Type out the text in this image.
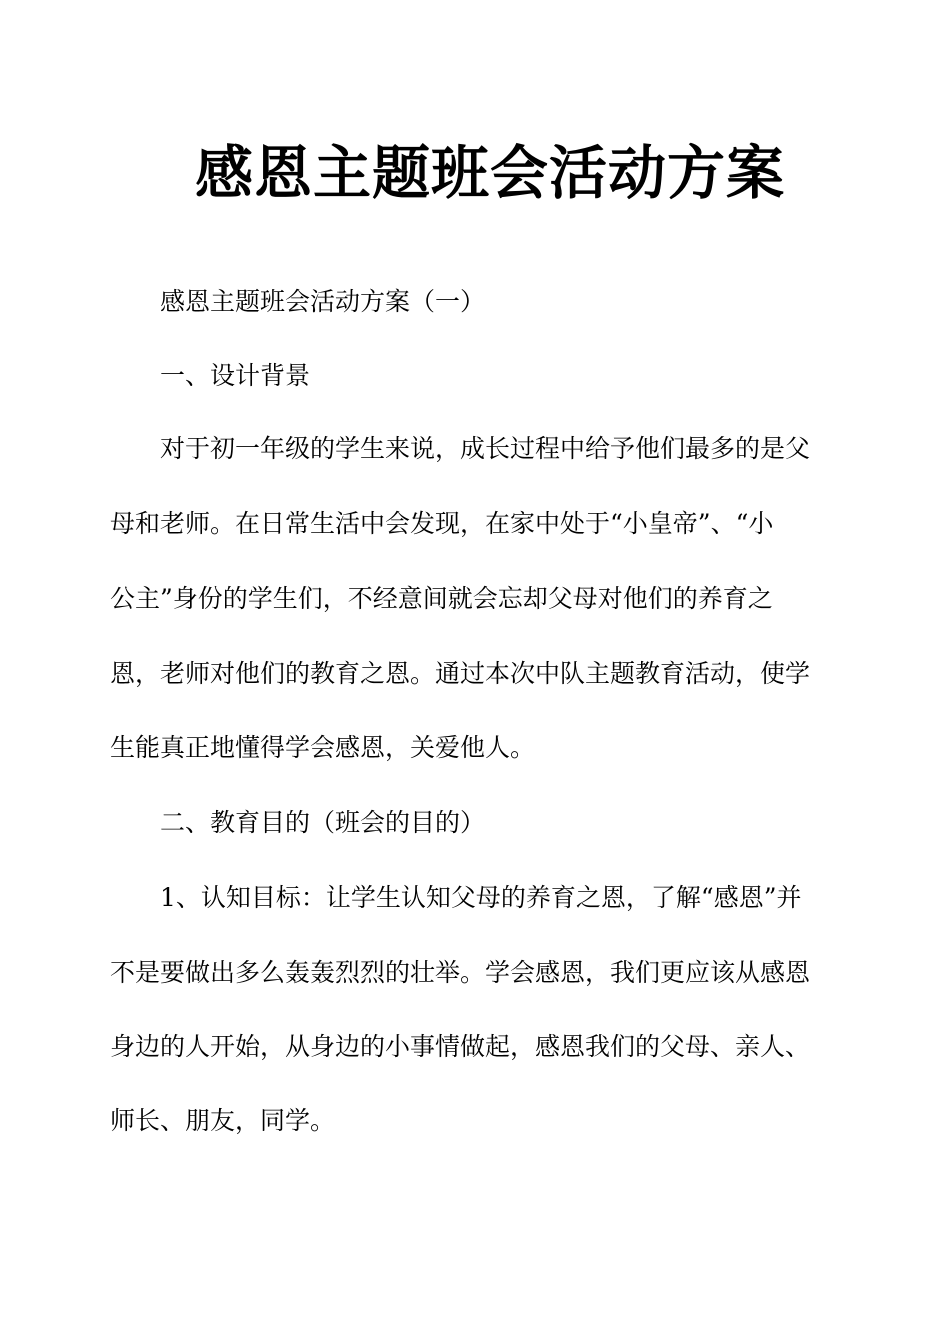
感恩主题班会活动方案

感恩主题班会活动方案（一）

一、设计背景

对于初一年级的学生来说，成长过程中给予他们最多的是父

母和老师。在日常生活中会发现，在家中处于“小皇帝”、“小

公主”身份的学生们，不经意间就会忘却父母对他们的养育之

恩，老师对他们的教育之恩。通过本次中队主题教育活动，使学

生能真正地懂得学会感恩，关爱他人。

二、教育目的（班会的目的）

1、认知目标：让学生认知父母的养育之恩，了解“感恩”并

不是要做出多么轰轰烈烈的壮举。学会感恩，我们更应该从感恩

身边的人开始，从身边的小事情做起，感恩我们的父母、亲人、

师长、朋友，同学。
